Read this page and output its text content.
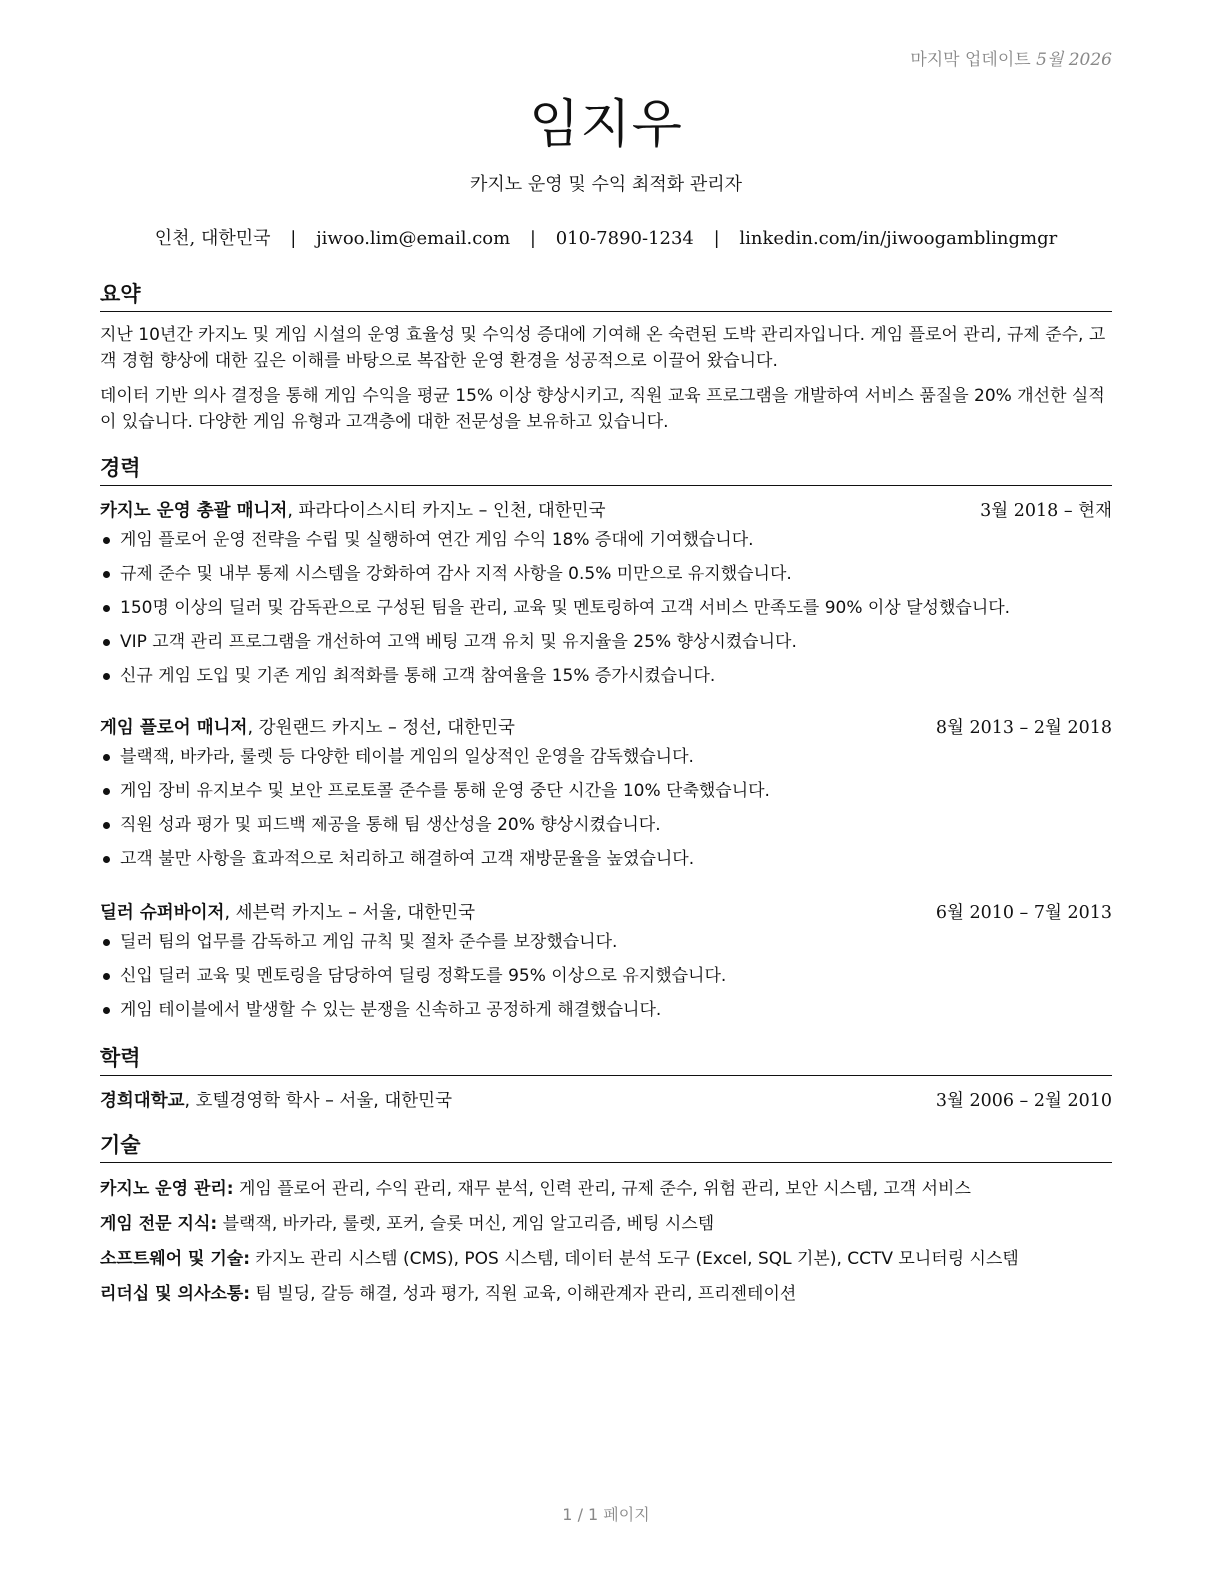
마지막 업데이트 5월 2026
임지우
카지노 운영 및 수익 최적화 관리자
인천, 대한민국 | jiwoo.lim@email.com | 010-7890-1234 | linkedin.com/in/jiwoogamblingmgr
요약
지난 10년간 카지노 및 게임 시설의 운영 효율성 및 수익성 증대에 기여해 온 숙련된 도박 관리자입니다. 게임 플로어 관리, 규제 준수, 고객 경험 향상에 대한 깊은 이해를 바탕으로 복잡한 운영 환경을 성공적으로 이끌어 왔습니다.
데이터 기반 의사 결정을 통해 게임 수익을 평균 15% 이상 향상시키고, 직원 교육 프로그램을 개발하여 서비스 품질을 20% 개선한 실적이 있습니다. 다양한 게임 유형과 고객층에 대한 전문성을 보유하고 있습니다.
경력
카지노 운영 총괄 매니저, 파라다이스시티 카지노 – 인천, 대한민국	3월 2018 – 현재
게임 플로어 운영 전략을 수립 및 실행하여 연간 게임 수익 18% 증대에 기여했습니다.
규제 준수 및 내부 통제 시스템을 강화하여 감사 지적 사항을 0.5% 미만으로 유지했습니다.
150명 이상의 딜러 및 감독관으로 구성된 팀을 관리, 교육 및 멘토링하여 고객 서비스 만족도를 90% 이상 달성했습니다.
VIP 고객 관리 프로그램을 개선하여 고액 베팅 고객 유치 및 유지율을 25% 향상시켰습니다.
신규 게임 도입 및 기존 게임 최적화를 통해 고객 참여율을 15% 증가시켰습니다.
게임 플로어 매니저, 강원랜드 카지노 – 정선, 대한민국	8월 2013 – 2월 2018
블랙잭, 바카라, 룰렛 등 다양한 테이블 게임의 일상적인 운영을 감독했습니다.
게임 장비 유지보수 및 보안 프로토콜 준수를 통해 운영 중단 시간을 10% 단축했습니다.
직원 성과 평가 및 피드백 제공을 통해 팀 생산성을 20% 향상시켰습니다.
고객 불만 사항을 효과적으로 처리하고 해결하여 고객 재방문율을 높였습니다.
딜러 슈퍼바이저, 세븐럭 카지노 – 서울, 대한민국	6월 2010 – 7월 2013
딜러 팀의 업무를 감독하고 게임 규칙 및 절차 준수를 보장했습니다.
신입 딜러 교육 및 멘토링을 담당하여 딜링 정확도를 95% 이상으로 유지했습니다.
게임 테이블에서 발생할 수 있는 분쟁을 신속하고 공정하게 해결했습니다.
학력
경희대학교, 호텔경영학 학사 – 서울, 대한민국	3월 2006 – 2월 2010
기술
카지노 운영 관리: 게임 플로어 관리, 수익 관리, 재무 분석, 인력 관리, 규제 준수, 위험 관리, 보안 시스템, 고객 서비스
게임 전문 지식: 블랙잭, 바카라, 룰렛, 포커, 슬롯 머신, 게임 알고리즘, 베팅 시스템
소프트웨어 및 기술: 카지노 관리 시스템 (CMS), POS 시스템, 데이터 분석 도구 (Excel, SQL 기본), CCTV 모니터링 시스템
리더십 및 의사소통: 팀 빌딩, 갈등 해결, 성과 평가, 직원 교육, 이해관계자 관리, 프리젠테이션
1 / 1 페이지
